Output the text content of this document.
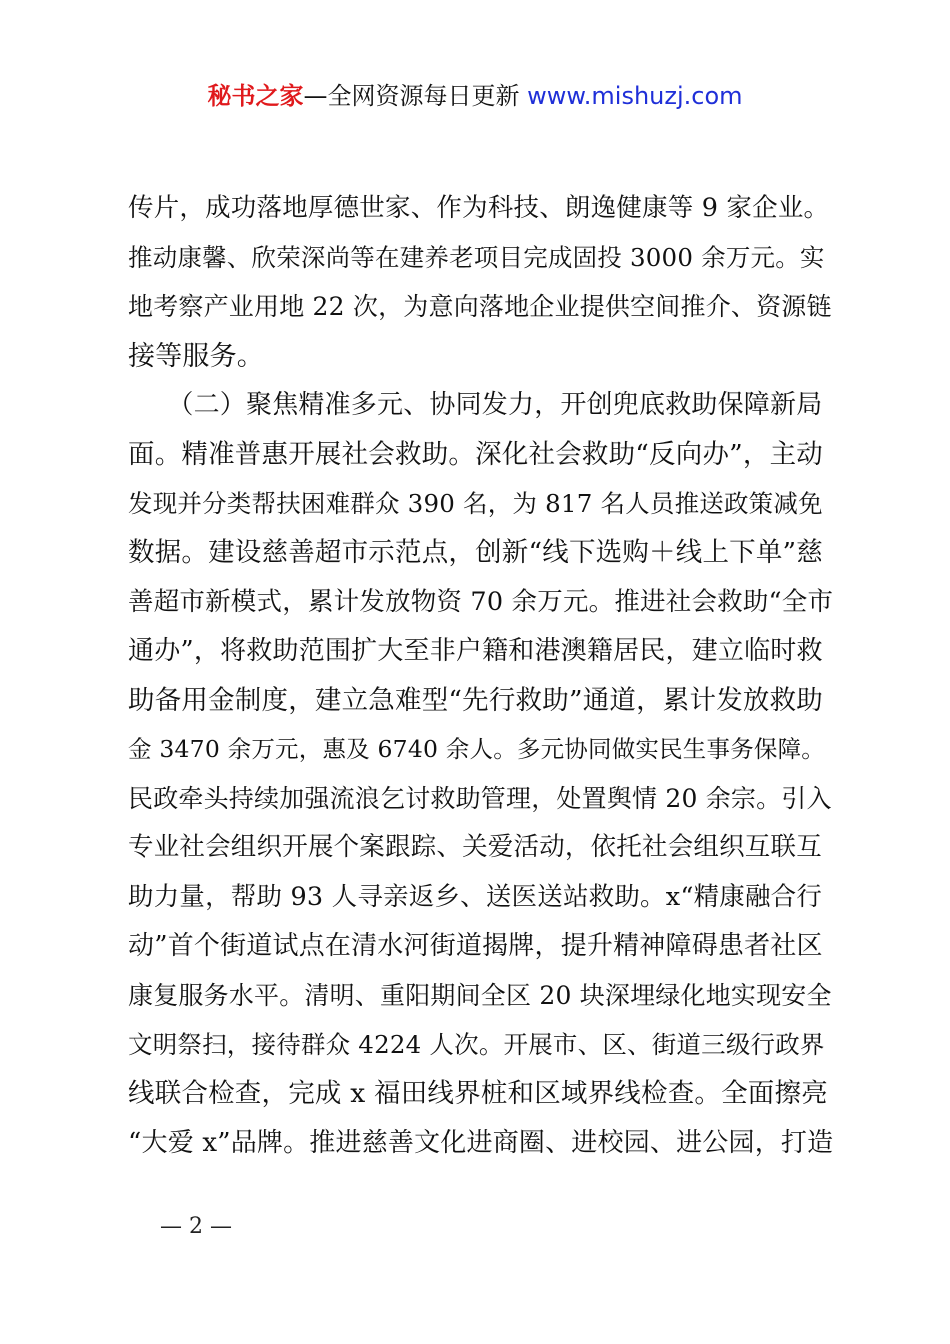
秘书之家—全网资源每日更新 www.mishuzj.com
传片，成功落地厚德世家、作为科技、朗逸健康等 9 家企业。
推动康馨、欣荣深尚等在建养老项目完成固投 3000 余万元。实
地考察产业用地 22 次，为意向落地企业提供空间推介、资源链
接等服务。
　　（二）聚焦精准多元、协同发力，开创兜底救助保障新局
面。精准普惠开展社会救助。深化社会救助“反向办”，主动
发现并分类帮扶困难群众 390 名，为 817 名人员推送政策减免
数据。建设慈善超市示范点，创新“线下选购＋线上下单”慈
善超市新模式，累计发放物资 70 余万元。推进社会救助“全市
通办”，将救助范围扩大至非户籍和港澳籍居民，建立临时救
助备用金制度，建立急难型“先行救助”通道，累计发放救助
金 3470 余万元，惠及 6740 余人。多元协同做实民生事务保障。
民政牵头持续加强流浪乞讨救助管理，处置舆情 20 余宗。引入
专业社会组织开展个案跟踪、关爱活动，依托社会组织互联互
助力量，帮助 93 人寻亲返乡、送医送站救助。x“精康融合行
动”首个街道试点在清水河街道揭牌，提升精神障碍患者社区
康复服务水平。清明、重阳期间全区 20 块深埋绿化地实现安全
文明祭扫，接待群众 4224 人次。开展市、区、街道三级行政界
线联合检查，完成 x 福田线界桩和区域界线检查。全面擦亮
“大爱 x”品牌。推进慈善文化进商圈、进校园、进公园，打造
— 2 —
